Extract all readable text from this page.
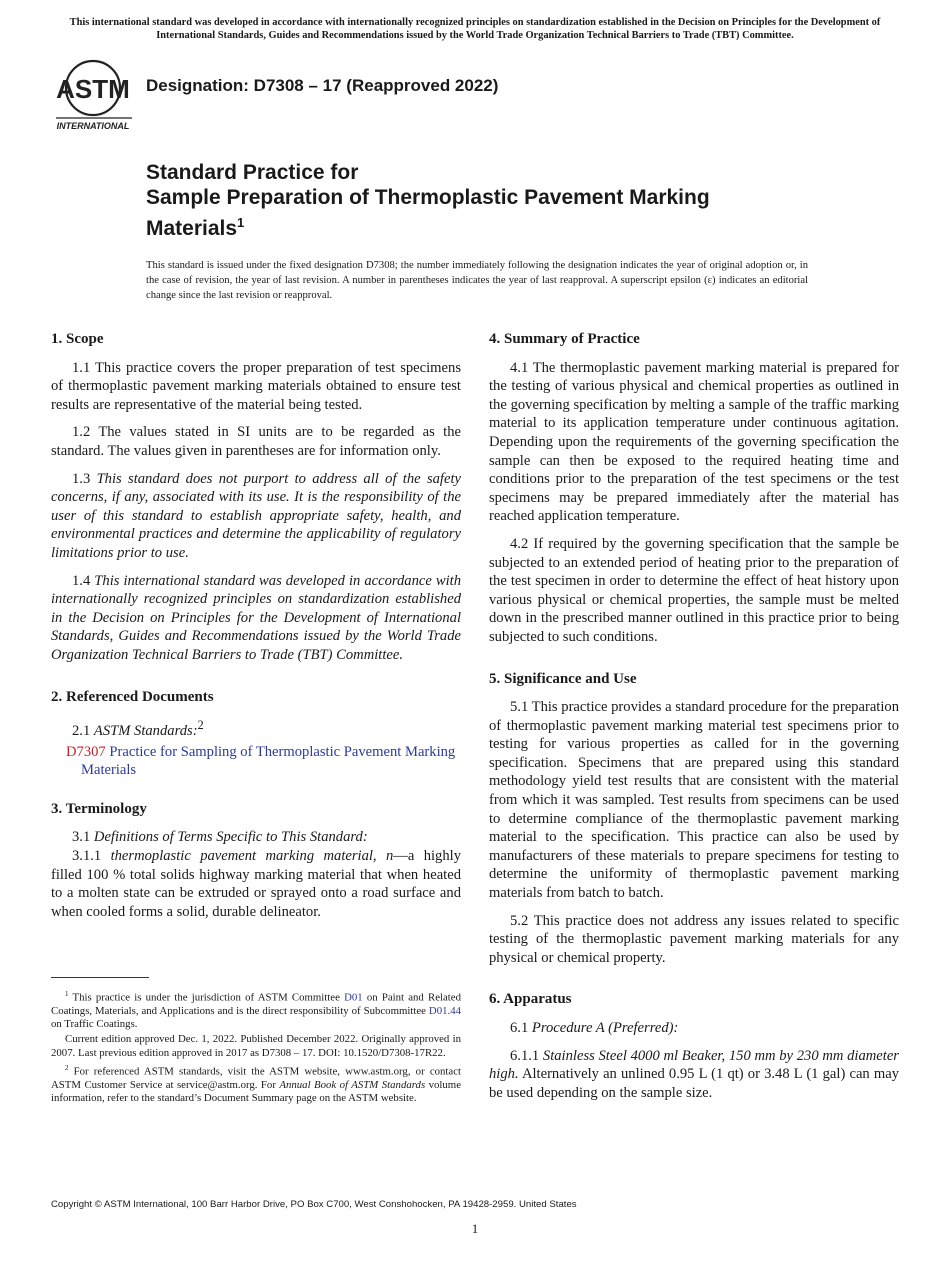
This international standard was developed in accordance with internationally recognized principles on standardization established in the Decision on Principles for the Development of International Standards, Guides and Recommendations issued by the World Trade Organization Technical Barriers to Trade (TBT) Committee.
ASTM
INTERNATIONAL
Designation: D7308 – 17 (Reapproved 2022)
Standard Practice for
Sample Preparation of Thermoplastic Pavement Marking
Materials$^1$
This standard is issued under the fixed designation D7308; the number immediately following the designation indicates the year of original adoption or, in the case of revision, the year of last revision. A number in parentheses indicates the year of last reapproval. A superscript epsilon (ε) indicates an editorial change since the last revision or reapproval.
1. Scope

1.1 This practice covers the proper preparation of test specimens of thermoplastic pavement marking materials obtained to ensure test results are representative of the material being tested.

1.2 The values stated in SI units are to be regarded as the standard. The values given in parentheses are for information only.

1.3 This standard does not purport to address all of the safety concerns, if any, associated with its use. It is the responsibility of the user of this standard to establish appropriate safety, health, and environmental practices and determine the applicability of regulatory limitations prior to use.

1.4 This international standard was developed in accordance with internationally recognized principles on standardization established in the Decision on Principles for the Development of International Standards, Guides and Recommendations issued by the World Trade Organization Technical Barriers to Trade (TBT) Committee.

2. Referenced Documents

2.1 ASTM Standards:$^2$

D7307 Practice for Sampling of Thermoplastic Pavement Marking Materials
3. Terminology

3.1 Definitions of Terms Specific to This Standard:

3.1.1 thermoplastic pavement marking material, n—a highly filled 100 % total solids highway marking material that when heated to a molten state can be extruded or sprayed onto a road surface and when cooled forms a solid, durable delineator.

$^1$ This practice is under the jurisdiction of ASTM Committee D01 on Paint and Related Coatings, Materials, and Applications and is the direct responsibility of Subcommittee D01.44 on Traffic Coatings.

Current edition approved Dec. 1, 2022. Published December 2022. Originally approved in 2007. Last previous edition approved in 2017 as D7308 – 17. DOI: 10.1520/D7308-17R22.

$^2$ For referenced ASTM standards, visit the ASTM website, www.astm.org, or contact ASTM Customer Service at service@astm.org. For Annual Book of ASTM Standards volume information, refer to the standard’s Document Summary page on the ASTM website.

4. Summary of Practice

4.1 The thermoplastic pavement marking material is prepared for the testing of various physical and chemical properties as outlined in the governing specification by melting a sample of the traffic marking material to its application temperature under continuous agitation. Depending upon the requirements of the governing specification the sample can then be exposed to the required heating time and conditions prior to the preparation of the test specimens or the test specimens may be prepared immediately after the material has reached application temperature.

4.2 If required by the governing specification that the sample be subjected to an extended period of heating prior to the preparation of the test specimen in order to determine the effect of heat history upon various physical or chemical properties, the sample must be melted down in the prescribed manner outlined in this practice prior to being subjected to such conditions.

5. Significance and Use

5.1 This practice provides a standard procedure for the preparation of thermoplastic pavement marking material test specimens prior to testing for various properties as called for in the governing specification. Specimens that are prepared using this standard methodology yield test results that are consistent with the material from which it was sampled. Test results from specimens can be used to determine compliance of the thermoplastic pavement marking material to the specification. This practice can also be used by manufacturers of these materials to prepare specimens for testing to determine the uniformity of thermoplastic pavement marking materials from batch to batch.

5.2 This practice does not address any issues related to specific testing of the thermoplastic pavement marking materials for any physical or chemical property.

6. Apparatus

6.1 Procedure A (Preferred):

6.1.1 Stainless Steel 4000 ml Beaker, 150 mm by 230 mm diameter high. Alternatively an unlined 0.95 L (1 qt) or 3.48 L (1 gal) can may be used depending on the sample size.

Copyright © ASTM International, 100 Barr Harbor Drive, PO Box C700, West Conshohocken, PA 19428-2959. United States
1
